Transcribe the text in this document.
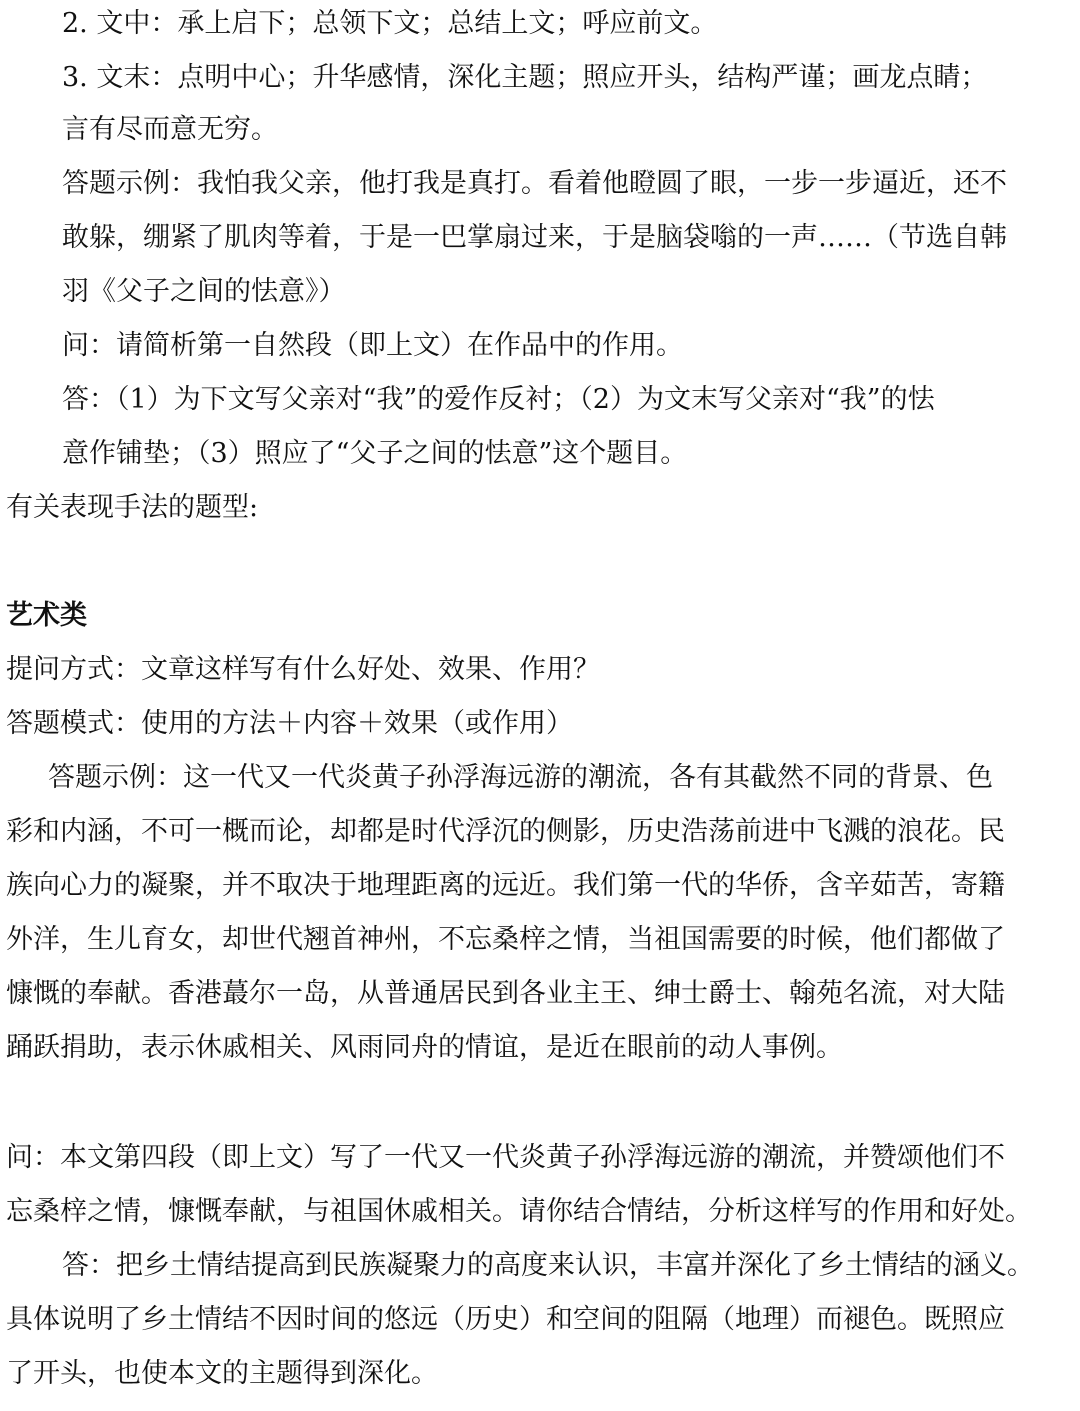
2. 文中：承上启下；总领下文；总结上文；呼应前文。
3. 文末：点明中心；升华感情，深化主题；照应开头，结构严谨；画龙点睛；
言有尽而意无穷。
答题示例：我怕我父亲，他打我是真打。看着他瞪圆了眼，一步一步逼近，还不
敢躲，绷紧了肌肉等着，于是一巴掌扇过来，于是脑袋嗡的一声……（节选自韩
羽《父子之间的怯意》）
问：请简析第一自然段（即上文）在作品中的作用。
答：（1）为下文写父亲对“我”的爱作反衬；（2）为文末写父亲对“我”的怯
意作铺垫；（3）照应了“父子之间的怯意”这个题目。
有关表现手法的题型:
艺术类
提问方式：文章这样写有什么好处、效果、作用？
答题模式：使用的方法＋内容＋效果（或作用）
答题示例：这一代又一代炎黄子孙浮海远游的潮流，各有其截然不同的背景、色
彩和内涵，不可一概而论，却都是时代浮沉的侧影，历史浩荡前进中飞溅的浪花。民
族向心力的凝聚，并不取决于地理距离的远近。我们第一代的华侨，含辛茹苦，寄籍
外洋，生儿育女，却世代翘首神州，不忘桑梓之情，当祖国需要的时候，他们都做了
慷慨的奉献。香港蕞尔一岛，从普通居民到各业主王、绅士爵士、翰苑名流，对大陆
踊跃捐助，表示休戚相关、风雨同舟的情谊，是近在眼前的动人事例。
问：本文第四段（即上文）写了一代又一代炎黄子孙浮海远游的潮流，并赞颂他们不
忘桑梓之情，慷慨奉献，与祖国休戚相关。请你结合情结，分析这样写的作用和好处。
答：把乡土情结提高到民族凝聚力的高度来认识，丰富并深化了乡土情结的涵义。
具体说明了乡土情结不因时间的悠远（历史）和空间的阻隔（地理）而褪色。既照应
了开头，也使本文的主题得到深化。
